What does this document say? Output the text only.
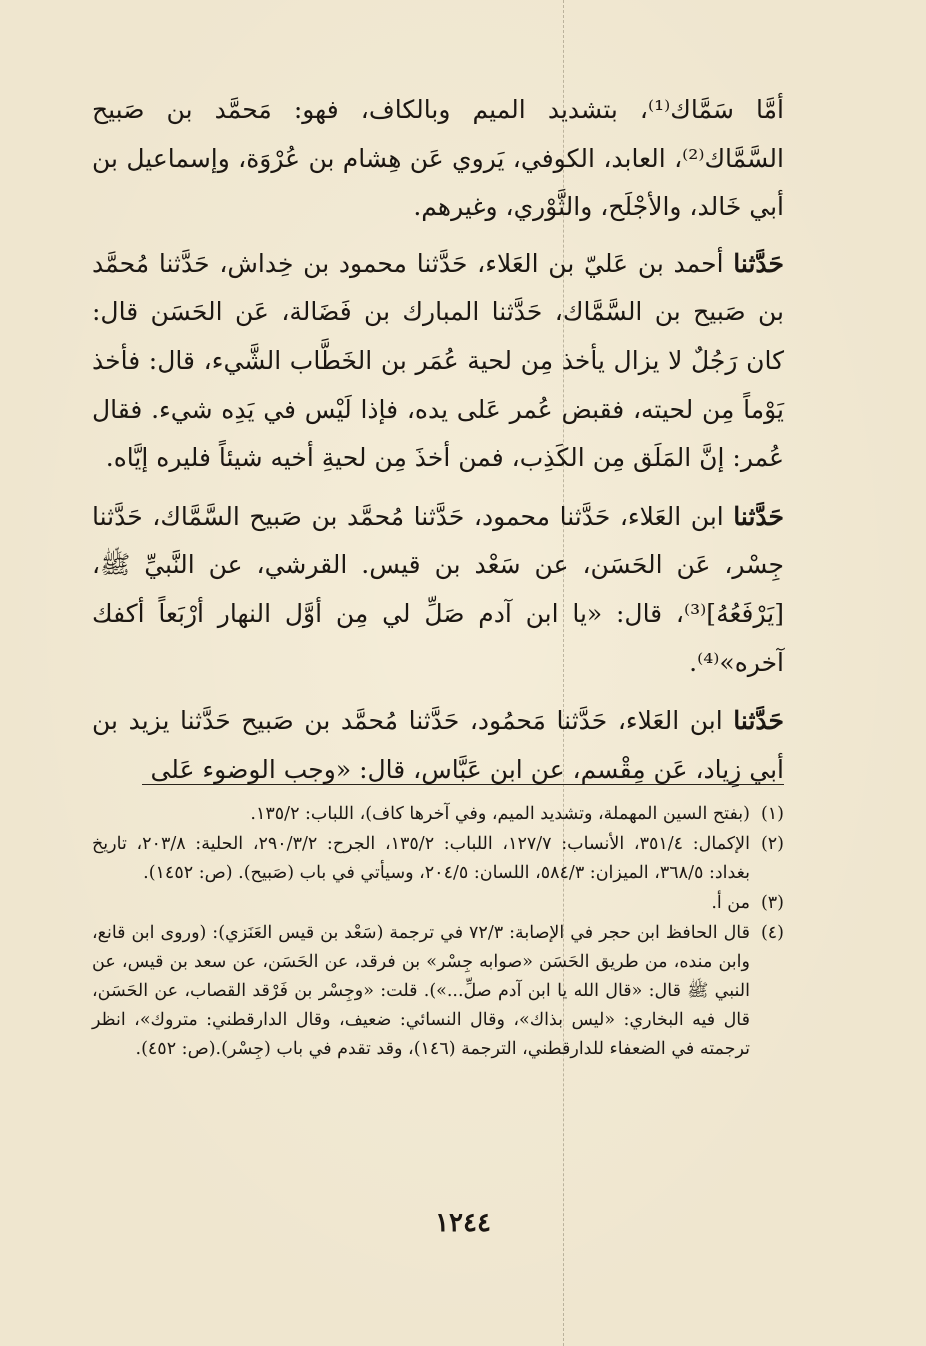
أمَّا سَمَّاك⁽¹⁾، بتشديد الميم وبالكاف، فهو: مَحمَّد بن صَبيح السَّمَّاك⁽²⁾، العابد، الكوفي، يَروي عَن هِشام بن عُرْوَة، وإسماعيل بن أبي خَالد، والأجْلَح، والثَّوْري، وغيرهم.

حَدَّثنا أحمد بن عَليّ بن العَلاء، حَدَّثنا محمود بن خِداش، حَدَّثنا مُحمَّد بن صَبيح بن السَّمَّاك، حَدَّثنا المبارك بن فَضَالة، عَن الحَسَن قال: كان رَجُلٌ لا يزال يأخذ مِن لحية عُمَر بن الخَطَّاب الشَّيء، قال: فأخذ يَوْماً مِن لحيته، فقبض عُمر عَلى يده، فإذا لَيْس في يَدِه شيء. فقال عُمر: إنَّ المَلَق مِن الكَذِب، فمن أخذَ مِن لحيةِ أخيه شيئاً فليره إيَّاه.

حَدَّثنا ابن العَلاء، حَدَّثنا محمود، حَدَّثنا مُحمَّد بن صَبيح السَّمَّاك، حَدَّثنا جِسْر، عَن الحَسَن، عن سَعْد بن قيس. القرشي، عن النَّبيِّ ﷺ، [يَرْفَعُهُ]⁽³⁾، قال: «يا ابن آدم صَلِّ لي مِن أوَّل النهار أرْبَعاً أكفك آخره»⁽⁴⁾.

حَدَّثنا ابن العَلاء، حَدَّثنا مَحمُود، حَدَّثنا مُحمَّد بن صَبيح حَدَّثنا يزيد بن أبي زِياد، عَن مِقْسم، عن ابن عَبَّاس، قال: «وجب الوضوء عَلى

(١)
(بفتح السين المهملة، وتشديد الميم، وفي آخرها كاف)، اللباب: ١٣٥/٢.
(٢)
الإكمال: ٣٥١/٤، الأنساب: ١٢٧/٧، اللباب: ١٣٥/٢، الجرح: ٢٩٠/٣/٢، الحلية: ٢٠٣/٨، تاريخ بغداد: ٣٦٨/٥، الميزان: ٥٨٤/٣، اللسان: ٢٠٤/٥، وسيأتي في باب (صَبيح). (ص: ١٤٥٢).
(٣)
من أ.
(٤)
قال الحافظ ابن حجر في الإصابة: ٧٢/٣ في ترجمة (سَعْد بن قيس العَنَزي): (وروى ابن قانع، وابن منده، من طريق الحَسَن «صوابه جِسْر» بن فرقد، عن الحَسَن، عن سعد بن قيس، عن النبي ﷺ قال: «قال الله يا ابن آدم صلِّ...»). قلت: «وجِسْر بن فَرْقد القصاب، عن الحَسَن، قال فيه البخاري: «ليس بذاك»، وقال النسائي: ضعيف، وقال الدارقطني: متروك»، انظر ترجمته في الضعفاء للدارقطني، الترجمة (١٤٦)، وقد تقدم في باب (جِسْر).(ص: ٤٥٢).
١٢٤٤
